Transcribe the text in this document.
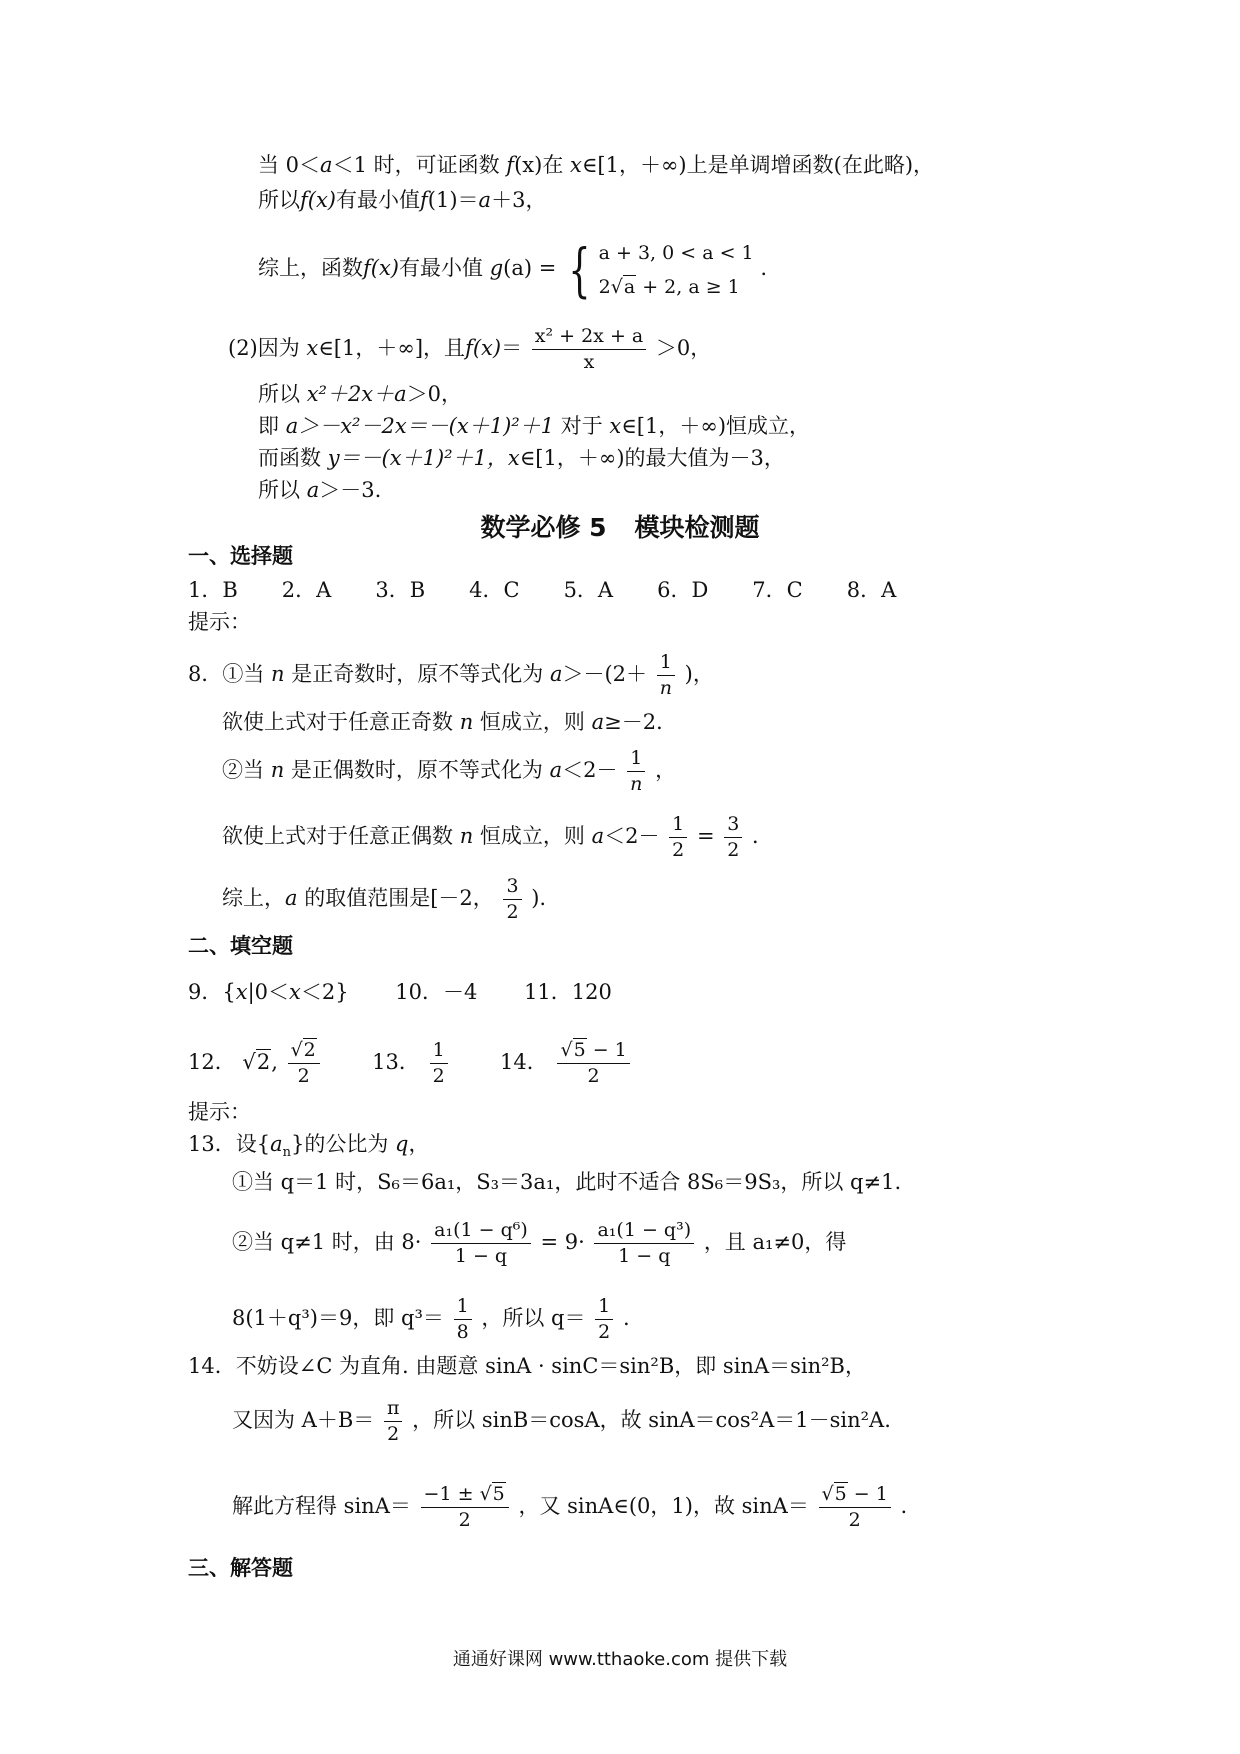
当 0＜a＜1 时，可证函数 f(x)在 x∈[1，＋∞)上是单调增函数(在此略)，
所以f(x)有最小值f(1)＝a＋3，
综上，函数f(x)有最小值 g(a) = { a + 3, 0 < a < 1
2√a + 2, a ≥ 1
.
(2)因为 x∈[1，＋∞]，且$f(x)= \frac{\text{x² + 2x + a}}{x} >0$，
所以 x²＋2x＋a＞0，
即 a＞－x²－2x＝－(x＋1)²＋1 对于 x∈[1，＋∞)恒成立，
而函数 y＝－(x＋1)²＋1，x∈[1，＋∞)的最大值为－3，
所以 a＞－3.
数学必修 5 模块检测题
一、选择题
1．B 2．A 3．B 4．C 5．A 6．D 7．C 8．A
提示：
8．①当 n 是正奇数时，原不等式化为 $a>-(2+ \frac{1}{n}$ )，
欲使上式对于任意正奇数 n 恒成立，则 a≥－2．
②当 n 是正偶数时，原不等式化为 $a<2- \frac{1}{n}$ ，
欲使上式对于任意正偶数 n 恒成立，则 $a<2- \frac{1}{2} = \frac{3}{2}$ ．
综上，a 的取值范围是[－2， $\frac{3}{2}$ ).
二、填空题
9．{x|0＜x＜2} 10．－4 11．120
12． √2, $\frac{√2}{2} 13$． $\frac{1}{2} 14$． $\frac{√5 - 1}{2}$
提示：
13．设$\{a_n\}$的公比为 q，
①当 q＝1 时，S₆＝6a₁，S₃＝3a₁，此时不适合 8S₆＝9S₃，所以 q≠1.
②当 q≠1 时，由 $8\cdot \frac{\text{a₁(1 − q⁶)}}{1 - q} = 9\cdot \frac{\text{a₁(1 − q³)}}{1 - q}$ ，且 a₁≠0，得
8(1＋q³)＝9，即 $q^3= \frac{1}{8}$ ，所以 $q= \frac{1}{2}$ .
14．不妨设∠C 为直角. 由题意 sinA · sinC＝sin²B，即 sinA＝sin²B，
又因为 $A+B= \frac{\pi}{2}$ ，所以 sinB＝cosA，故 sinA＝cos²A＝1－sin²A.
解此方程得 $\sin A= \frac{-1 \pm √5}{2}$ ，又 sinA∈(0，1)，故 $\sin A= \frac{√5 - 1}{2}$ .
三、解答题
通通好课网 www.tthaoke.com 提供下载
